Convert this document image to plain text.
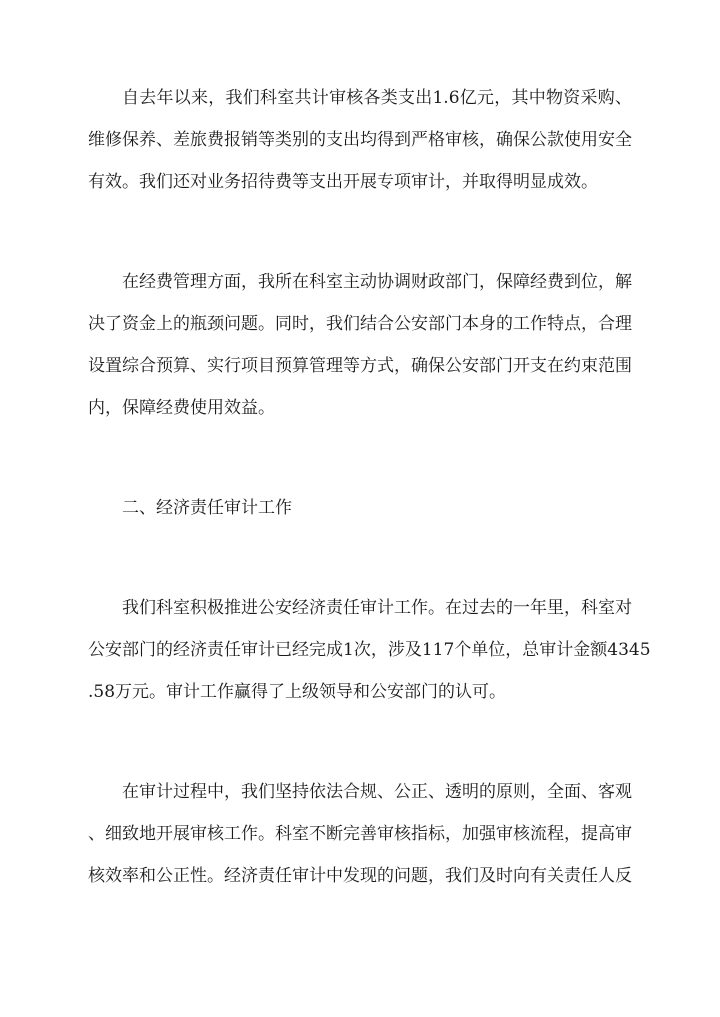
自去年以来，我们科室共计审核各类支出1.6亿元，其中物资采购、
维修保养、差旅费报销等类别的支出均得到严格审核，确保公款使用安全
有效。我们还对业务招待费等支出开展专项审计，并取得明显成效。
在经费管理方面，我所在科室主动协调财政部门，保障经费到位，解
决了资金上的瓶颈问题。同时，我们结合公安部门本身的工作特点，合理
设置综合预算、实行项目预算管理等方式，确保公安部门开支在约束范围
内，保障经费使用效益。
二、经济责任审计工作
我们科室积极推进公安经济责任审计工作。在过去的一年里，科室对
公安部门的经济责任审计已经完成1次，涉及117个单位，总审计金额4345
.58万元。审计工作赢得了上级领导和公安部门的认可。
在审计过程中，我们坚持依法合规、公正、透明的原则，全面、客观
、细致地开展审核工作。科室不断完善审核指标，加强审核流程，提高审
核效率和公正性。经济责任审计中发现的问题，我们及时向有关责任人反
